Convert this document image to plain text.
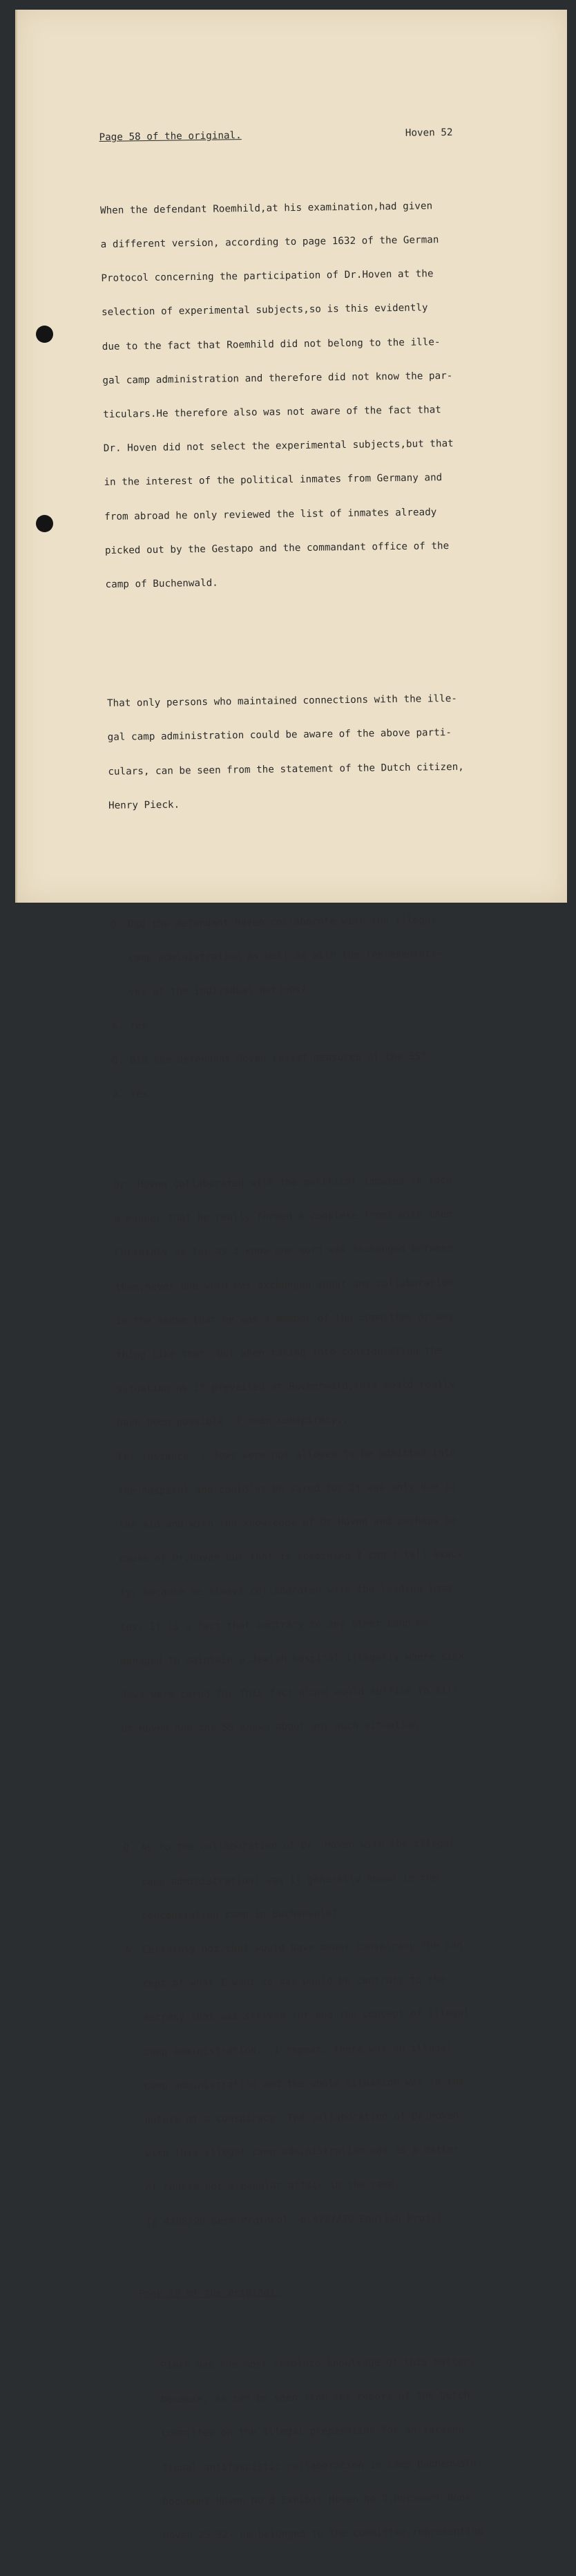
Page 58 of the original.	Hoven 52

When the defendant Roemhild,at his examination,had given

a different version, according to page 1632 of the German

Protocol concerning the participation of Dr.Hoven at the

selection of experimental subjects,so is this evidently

due to the fact that Roemhild did not belong to the ille-

gal camp administration and therefore did not know the par-

ticulars.He therefore also was not aware of the fact that

Dr. Hoven did not select the experimental subjects,but that

in the interest of the political inmates from Germany and

from abroad he only reviewed the list of inmates already

picked out by the Gestapo and the commandant office of the

camp of Buchenwald.

That only persons who maintained connections with the ille-

gal camp administration could be aware of the above parti-

culars, can be seen from the statement of the Dutch citizen,

Henry Pieck.

Q. Did the defendant Hoven collaborate with the illegal

camp administration as well as with the representati-

ves of the individual nations?

A. Yes.

Q. Did the defendant Hoven resist measures of the SS?

A. Yes.

Dr. Hoven collaborated with the political inmates in such

a manner that he really formed a complete front with them.

Certainly as far as I know one word was exchanged between

them,never one word was exchanged about any collaboration

in the sense that he was a member of the committee or any-

thing like that, but when taking into consideration the

situation as it prevailed at Buchenwald,this would really

have been possible. I mean conspiracy........

For instance....Jews were not allowed to be admitted into

the hospital and could'nt be cared for.It was only due to

the aid and with the knowledge of Dr.Hoven and perhaps be.-

cause of Dr.Hoven,but that is something I can't tell exac+-

ly, because he always collaborated with the leading inma-

tes. It is a fact that contrary to any other camp we

managed to maintain a Jewish hospital illegally where sick

Jews were cared for.This fact alone would suffice to kill

Dr.Hoven had the SS known about any such situation...

Q. As to the collaboration of Dr. Hoven with the illegal

camp administration; was it generally known in the

concentration camp in Buchenwald?

A. Certainly not,that would have meant conspiracy.The con-

cept of what I want to say would be contrary to the

secrecy that was striven for and the concept of illegal

camp administration...I repeat, there was an illegal

camp administration and the whole situation was in the

nature of a conspiracy. The collaboration of Dr.Hoven

with this illegal camp administration was as a matter

of course not a popular affair in the camp.

(p.4788/90 Germ.Protocol, p.4727/30 English Prot.)

Page 59 of the original.

Pieck has the most complete knowledge of this matter,

because, as can be seen from the report of the Dutch

Committee on the illegal preparation for an interna-

tional,antifascistic collaboration in camp Buchenwald-

Document Hoven No 8 Exhibit Hoven No 9,Document Book

Hoven 25-32- he belonged to the committee,representing
